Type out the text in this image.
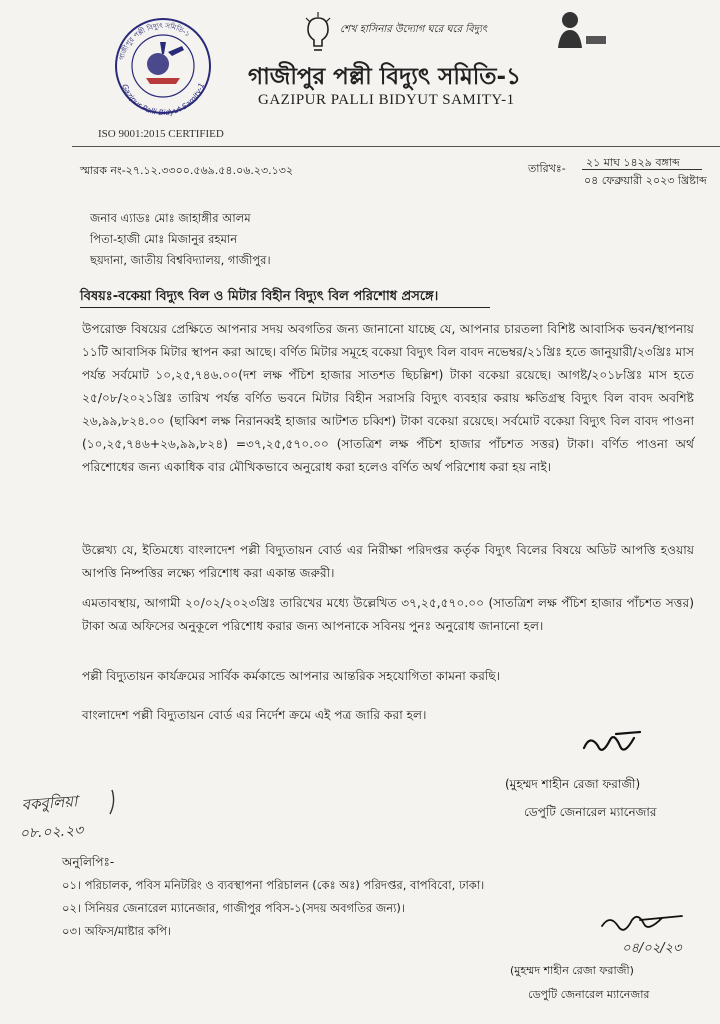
গাজীপুর পল্লী বিদ্যুৎ সমিতি-১
Gazipur Palli Bidyut Samity-1
শেখ হাসিনার উদ্যোগ ঘরে ঘরে বিদ্যুৎ
গাজীপুর পল্লী বিদ্যুৎ সমিতি-১
GAZIPUR PALLI BIDYUT SAMITY-1
ISO 9001:2015 CERTIFIED
স্মারক নং-২৭.১২.৩৩০০.৫৬৯.৫৪.০৬.২৩.১৩২	তারিখঃ- ২১ মাঘ ১৪২৯ বঙ্গাব্দ
০৪ ফেব্রুয়ারী ২০২৩ খ্রিষ্টাব্দ
জনাব এ্যাডঃ মোঃ জাহাঙ্গীর আলম
পিতা-হাজী মোঃ মিজানুর রহমান
ছয়দানা, জাতীয় বিশ্ববিদ্যালয়, গাজীপুর।
বিষয়ঃ-বকেয়া বিদ্যুৎ বিল ও মিটার বিহীন বিদ্যুৎ বিল পরিশোধ প্রসঙ্গে।
উপরোক্ত বিষয়ের প্রেক্ষিতে আপনার সদয় অবগতির জন্য জানানো যাচ্ছে যে, আপনার চারতলা বিশিষ্ট আবাসিক ভবন/স্থাপনায় ১১টি আবাসিক মিটার স্থাপন করা আছে। বর্ণিত মিটার সমূহে বকেয়া বিদ্যুৎ বিল বাবদ নভেম্বর/২১খ্রিঃ হতে জানুয়ারী/২৩খ্রিঃ মাস পর্যন্ত সর্বমোট ১০,২৫,৭৪৬.০০(দশ লক্ষ পঁচিশ হাজার সাতশত ছিচল্লিশ) টাকা বকেয়া রয়েছে। আগষ্ট/২০১৮খ্রিঃ মাস হতে ২৫/০৮/২০২১খ্রিঃ তারিখ পর্যন্ত বর্ণিত ভবনে মিটার বিহীন সরাসরি বিদ্যুৎ ব্যবহার করায় ক্ষতিগ্রস্থ বিদ্যুৎ বিল বাবদ অবশিষ্ট ২৬,৯৯,৮২৪.০০ (ছাব্বিশ লক্ষ নিরানব্বই হাজার আটশত চব্বিশ) টাকা বকেয়া রয়েছে। সর্বমোট বকেয়া বিদ্যুৎ বিল বাবদ পাওনা (১০,২৫,৭৪৬+২৬,৯৯,৮২৪) =৩৭,২৫,৫৭০.০০ (সাতত্রিশ লক্ষ পঁচিশ হাজার পাঁচশত সত্তর) টাকা। বর্ণিত পাওনা অর্থ পরিশোধের জন্য একাধিক বার মৌখিকভাবে অনুরোধ করা হলেও বর্ণিত অর্থ পরিশোধ করা হয় নাই।
উল্লেখ্য যে, ইতিমধ্যে বাংলাদেশ পল্লী বিদ্যুতায়ন বোর্ড এর নিরীক্ষা পরিদপ্তর কর্তৃক বিদ্যুৎ বিলের বিষয়ে অডিট আপত্তি হওয়ায় আপত্তি নিষ্পত্তির লক্ষ্যে পরিশোধ করা একান্ত জরুরী।
এমতাবস্থায়, আগামী ২০/০২/২০২৩খ্রিঃ তারিখের মধ্যে উল্লেখিত ৩৭,২৫,৫৭০.০০ (সাতত্রিশ লক্ষ পঁচিশ হাজার পাঁচশত সত্তর) টাকা অত্র অফিসের অনুকূলে পরিশোধ করার জন্য আপনাকে সবিনয় পুনঃ অনুরোধ জানানো হল।
পল্লী বিদ্যুতায়ন কার্যক্রমের সার্বিক কর্মকান্ডে আপনার আন্তরিক সহযোগিতা কামনা করছি।
বাংলাদেশ পল্লী বিদ্যুতায়ন বোর্ড এর নির্দেশ ক্রমে এই পত্র জারি করা হল।
(মুহম্মদ শাহীন রেজা ফরাজী)
ডেপুটি জেনারেল ম্যানেজার
বকবুলিয়া
০৮.০২.২৩
অনুলিপিঃ-
০১। পরিচালক, পবিস মনিটরিং ও ব্যবস্থাপনা পরিচালন (কেঃ অঃ) পরিদপ্তর, বাপবিবো, ঢাকা।
০২। সিনিয়র জেনারেল ম্যানেজার, গাজীপুর পবিস-১(সদয় অবগতির জন্য)।
০৩। অফিস/মাষ্টার কপি।
০৪/০২/২৩
(মুহম্মদ শাহীন রেজা ফরাজী)
ডেপুটি জেনারেল ম্যানেজার
